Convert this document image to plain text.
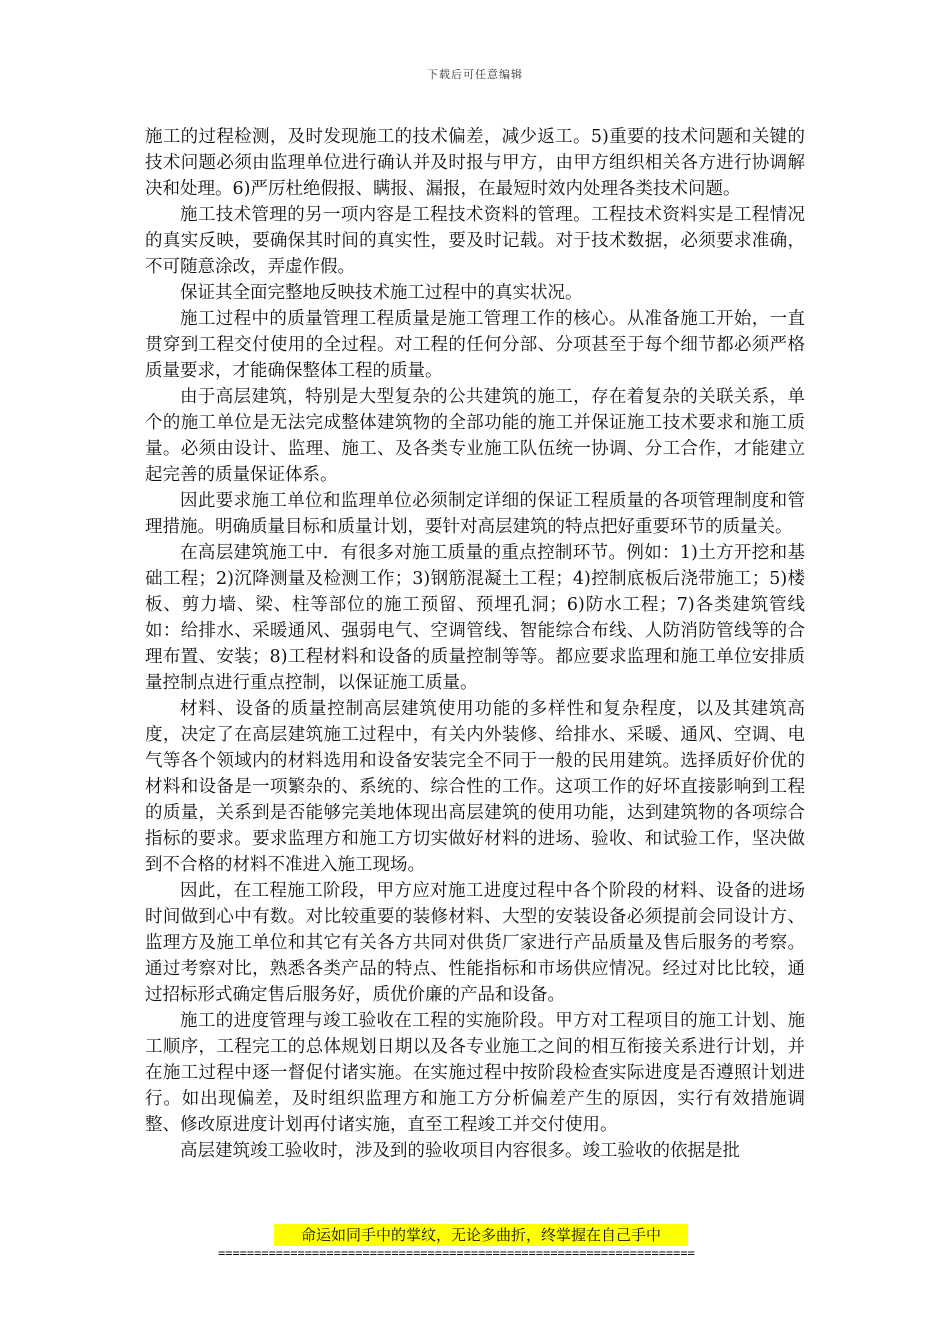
下载后可任意编辑

施工的过程检测，及时发现施工的技术偏差，减少返工。5)重要的技术问题和关键的技术问题必须由监理单位进行确认并及时报与甲方，由甲方组织相关各方进行协调解决和处理。6)严厉杜绝假报、瞒报、漏报，在最短时效内处理各类技术问题。

施工技术管理的另一项内容是工程技术资料的管理。工程技术资料实是工程情况的真实反映，要确保其时间的真实性，要及时记载。对于技术数据，必须要求准确，不可随意涂改，弄虚作假。

保证其全面完整地反映技术施工过程中的真实状况。

施工过程中的质量管理工程质量是施工管理工作的核心。从准备施工开始，一直贯穿到工程交付使用的全过程。对工程的任何分部、分项甚至于每个细节都必须严格质量要求，才能确保整体工程的质量。

由于高层建筑，特别是大型复杂的公共建筑的施工，存在着复杂的关联关系，单个的施工单位是无法完成整体建筑物的全部功能的施工并保证施工技术要求和施工质量。必须由设计、监理、施工、及各类专业施工队伍统一协调、分工合作，才能建立起完善的质量保证体系。

因此要求施工单位和监理单位必须制定详细的保证工程质量的各项管理制度和管理措施。明确质量目标和质量计划，要针对高层建筑的特点把好重要环节的质量关。

在高层建筑施工中．有很多对施工质量的重点控制环节。例如：1)土方开挖和基础工程；2)沉降测量及检测工作；3)钢筋混凝土工程；4)控制底板后浇带施工；5)楼板、剪力墙、梁、柱等部位的施工预留、预埋孔洞；6)防水工程；7)各类建筑管线如：给排水、采暖通风、强弱电气、空调管线、智能综合布线、人防消防管线等的合理布置、安装；8)工程材料和设备的质量控制等等。都应要求监理和施工单位安排质量控制点进行重点控制，以保证施工质量。

材料、设备的质量控制高层建筑使用功能的多样性和复杂程度，以及其建筑高度，决定了在高层建筑施工过程中，有关内外装修、给排水、采暖、通风、空调、电气等各个领域内的材料选用和设备安装完全不同于一般的民用建筑。选择质好价优的材料和设备是一项繁杂的、系统的、综合性的工作。这项工作的好坏直接影响到工程的质量，关系到是否能够完美地体现出高层建筑的使用功能，达到建筑物的各项综合指标的要求。要求监理方和施工方切实做好材料的进场、验收、和试验工作，坚决做到不合格的材料不准进入施工现场。

因此，在工程施工阶段，甲方应对施工进度过程中各个阶段的材料、设备的进场时间做到心中有数。对比较重要的装修材料、大型的安装设备必须提前会同设计方、监理方及施工单位和其它有关各方共同对供货厂家进行产品质量及售后服务的考察。通过考察对比，熟悉各类产品的特点、性能指标和市场供应情况。经过对比比较，通过招标形式确定售后服务好，质优价廉的产品和设备。

施工的进度管理与竣工验收在工程的实施阶段。甲方对工程项目的施工计划、施工顺序，工程完工的总体规划日期以及各专业施工之间的相互衔接关系进行计划，并在施工过程中逐一督促付诸实施。在实施过程中按阶段检查实际进度是否遵照计划进行。如出现偏差，及时组织监理方和施工方分析偏差产生的原因，实行有效措施调整、修改原进度计划再付诸实施，直至工程竣工并交付使用。

高层建筑竣工验收时，涉及到的验收项目内容很多。竣工验收的依据是批

命运如同手中的掌纹，无论多曲折，终掌握在自己手中
==================================================================
